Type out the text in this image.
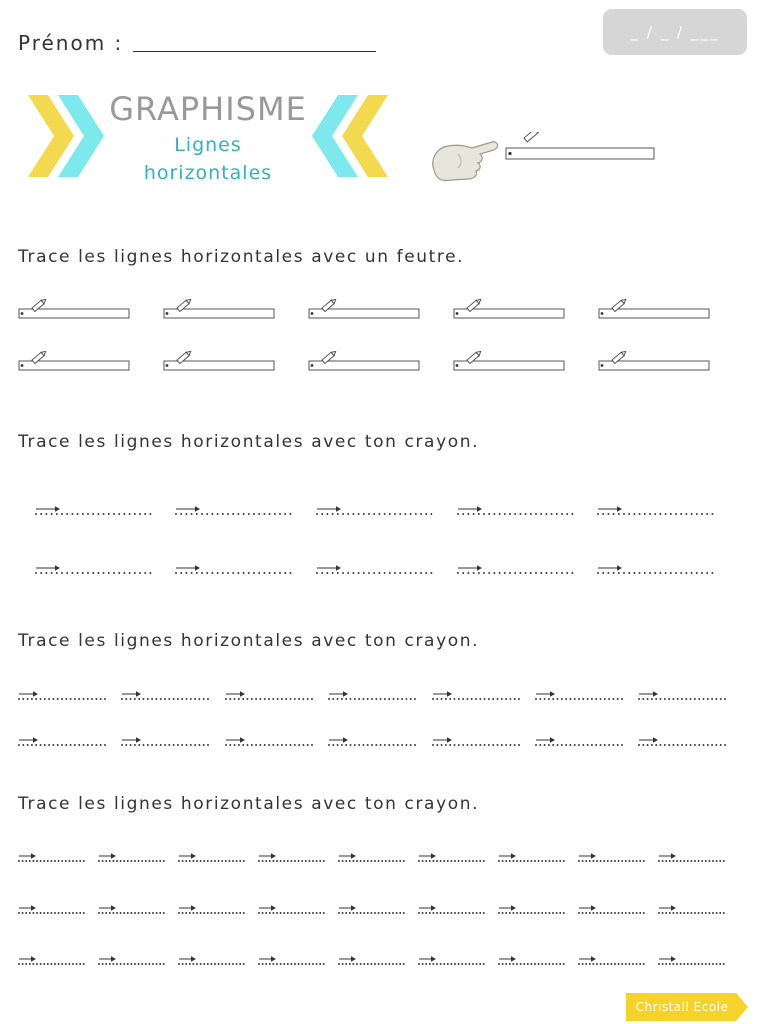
Prénom :	_ / _ / ___
GRAPHISME
Lignes
horizontales
Trace les lignes horizontales avec un feutre.
Trace les lignes horizontales avec ton crayon.
Trace les lignes horizontales avec ton crayon.
Trace les lignes horizontales avec ton crayon.
Christall Ecole
